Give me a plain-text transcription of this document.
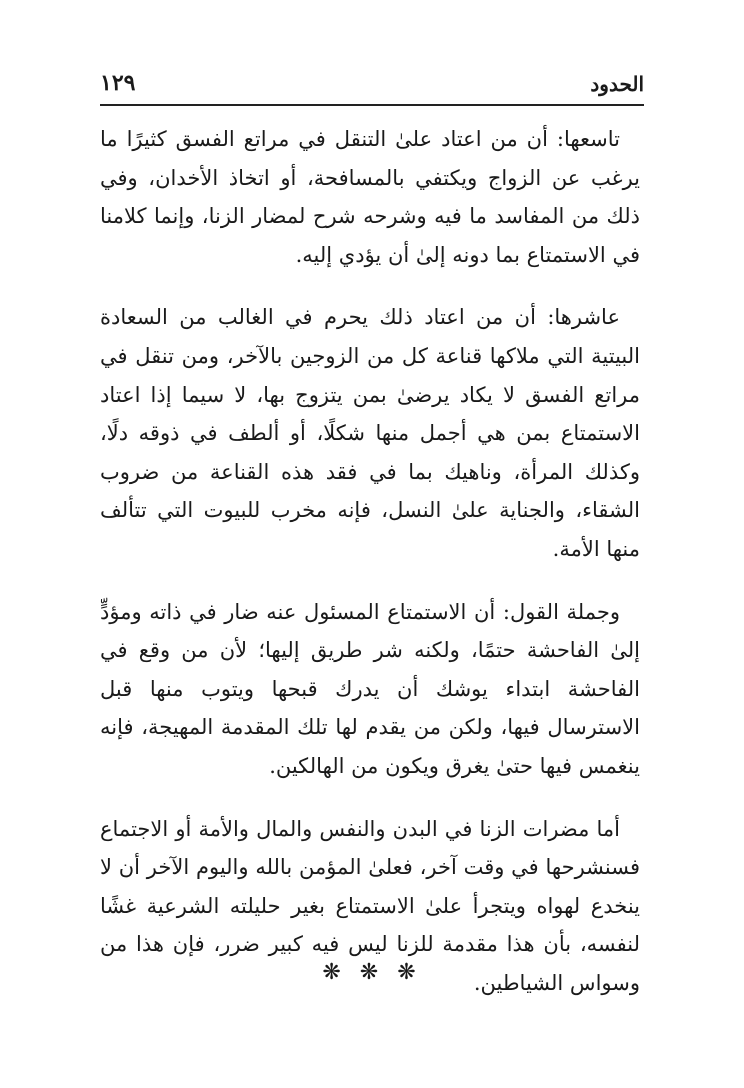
الحدود
١٢٩

تاسعها: أن من اعتاد علىٰ التنقل في مراتع الفسق كثيرًا ما يرغب عن الزواج ويكتفي بالمسافحة، أو اتخاذ الأخدان، وفي ذلك من المفاسد ما فيه وشرحه شرح لمضار الزنا، وإنما كلامنا في الاستمتاع بما دونه إلىٰ أن يؤدي إليه.

عاشرها: أن من اعتاد ذلك يحرم في الغالب من السعادة البيتية التي ملاكها قناعة كل من الزوجين بالآخر، ومن تنقل في مراتع الفسق لا يكاد يرضىٰ بمن يتزوج بها، لا سيما إذا اعتاد الاستمتاع بمن هي أجمل منها شكلًا، أو ألطف في ذوقه دلًا، وكذلك المرأة، وناهيك بما في فقد هذه القناعة من ضروب الشقاء، والجناية علىٰ النسل، فإنه مخرب للبيوت التي تتألف منها الأمة.

وجملة القول: أن الاستمتاع المسئول عنه ضار في ذاته ومؤدٍّ إلىٰ الفاحشة حتمًا، ولكنه شر طريق إليها؛ لأن من وقع في الفاحشة ابتداء يوشك أن يدرك قبحها ويتوب منها قبل الاسترسال فيها، ولكن من يقدم لها تلك المقدمة المهيجة، فإنه ينغمس فيها حتىٰ يغرق ويكون من الهالكين.

أما مضرات الزنا في البدن والنفس والمال والأمة أو الاجتماع فسنشرحها في وقت آخر، فعلىٰ المؤمن بالله واليوم الآخر أن لا ينخدع لهواه ويتجرأ علىٰ الاستمتاع بغير حليلته الشرعية غشًا لنفسه، بأن هذا مقدمة للزنا ليس فيه كبير ضرر، فإن هذا من وسواس الشياطين.

❋ ❋ ❋
